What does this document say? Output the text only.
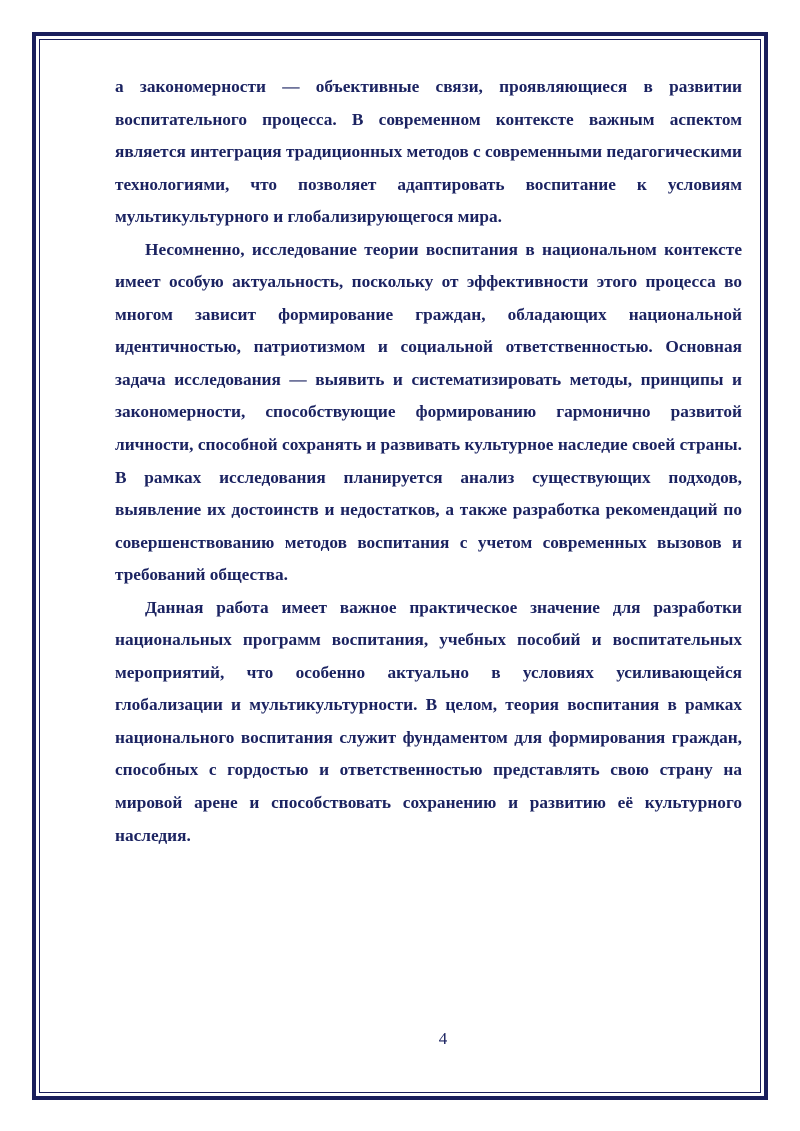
а закономерности — объективные связи, проявляющиеся в развитии воспитательного процесса. В современном контексте важным аспектом является интеграция традиционных методов с современными педагогическими технологиями, что позволяет адаптировать воспитание к условиям мультикультурного и глобализирующегося мира.

Несомненно, исследование теории воспитания в национальном контексте имеет особую актуальность, поскольку от эффективности этого процесса во многом зависит формирование граждан, обладающих национальной идентичностью, патриотизмом и социальной ответственностью. Основная задача исследования — выявить и систематизировать методы, принципы и закономерности, способствующие формированию гармонично развитой личности, способной сохранять и развивать культурное наследие своей страны. В рамках исследования планируется анализ существующих подходов, выявление их достоинств и недостатков, а также разработка рекомендаций по совершенствованию методов воспитания с учетом современных вызовов и требований общества.

Данная работа имеет важное практическое значение для разработки национальных программ воспитания, учебных пособий и воспитательных мероприятий, что особенно актуально в условиях усиливающейся глобализации и мультикультурности. В целом, теория воспитания в рамках национального воспитания служит фундаментом для формирования граждан, способных с гордостью и ответственностью представлять свою страну на мировой арене и способствовать сохранению и развитию её культурного наследия.

4
